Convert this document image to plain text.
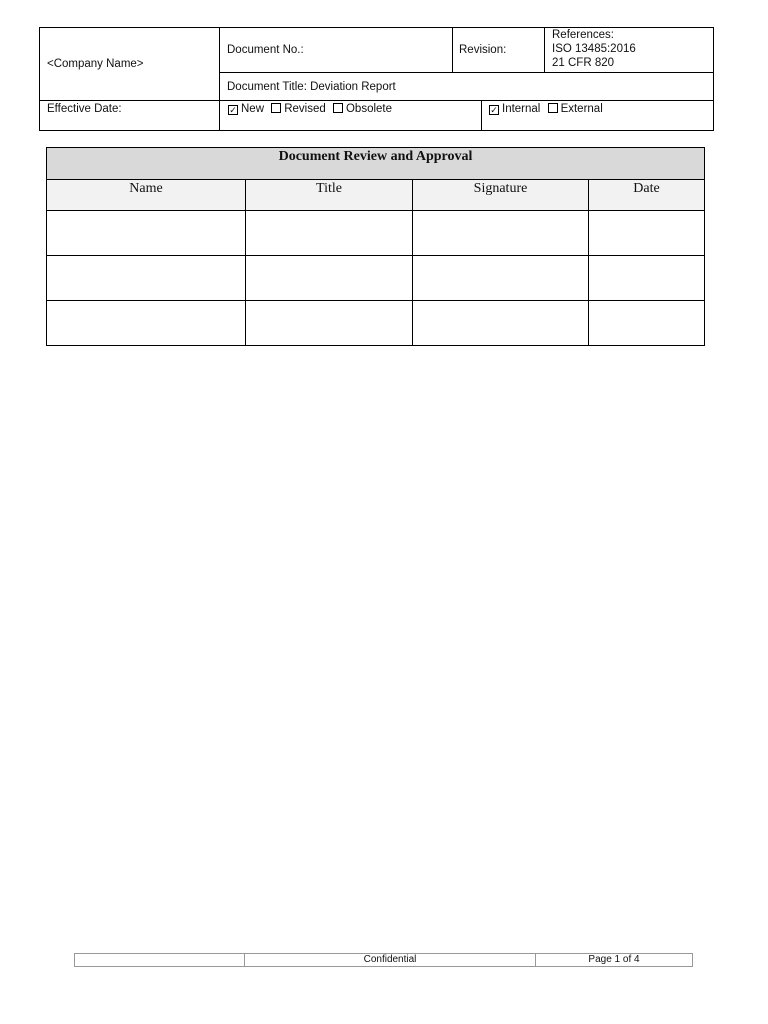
<Company Name>
Document No.:	Revision:
References:
ISO 13485:2016
21 CFR 820
Document Title: Deviation Report
Effective Date:	✓ New Revised Obsolete	✓ Internal External
Document Review and Approval			
Name	Title	Signature	Date

Confidential	Page 1 of 4
